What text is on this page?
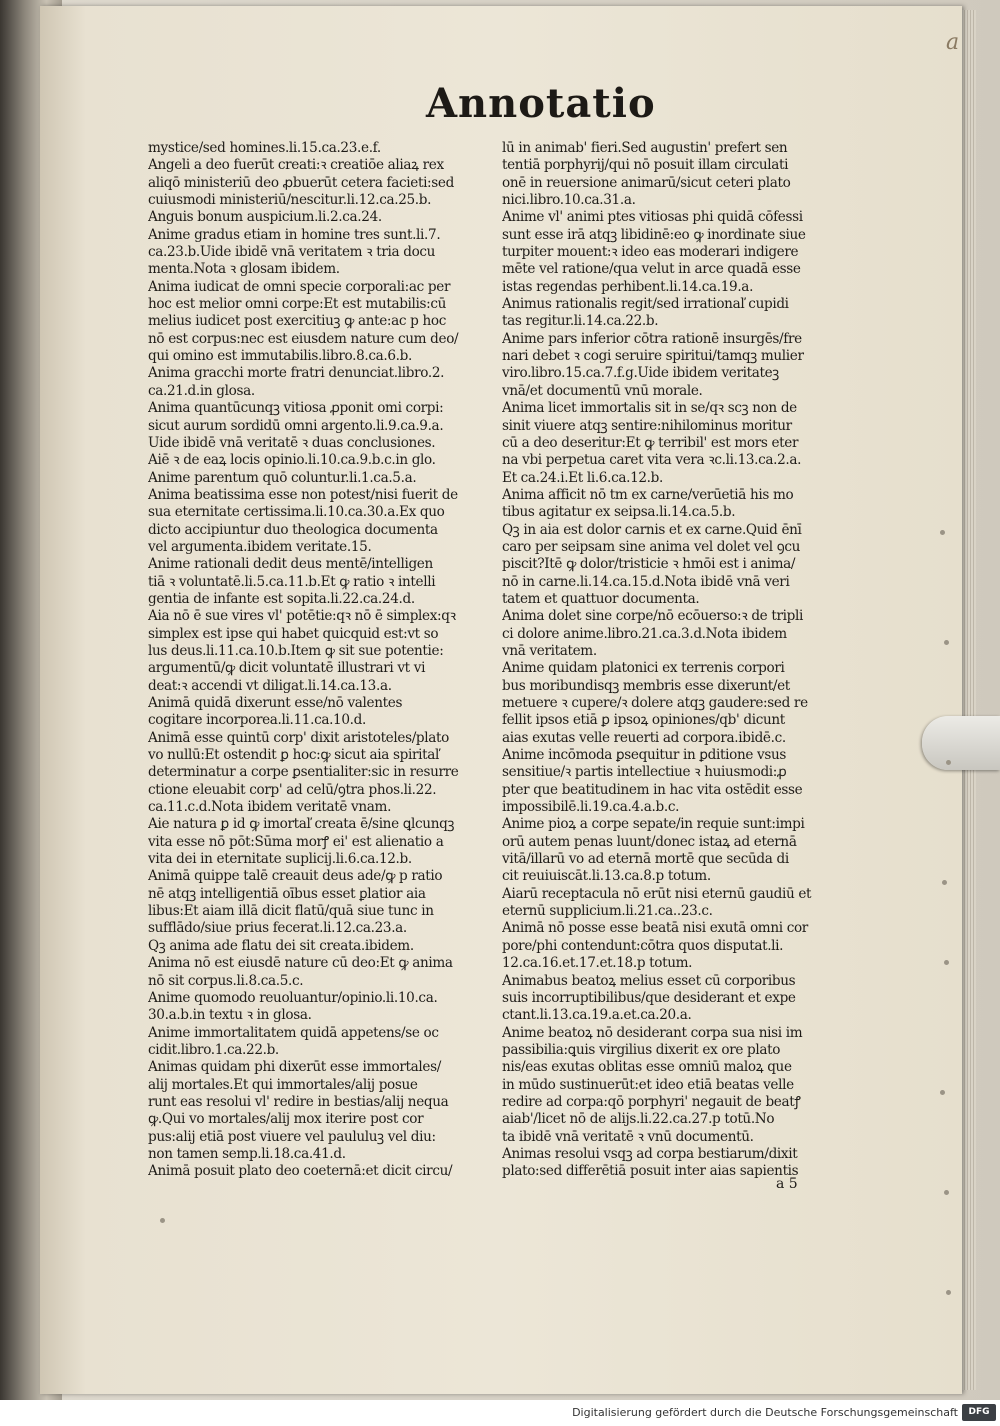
Annotatio
a
mystice/sed homines.li.15.ca.23.e.f.
Angeli a deo fuerūt creati:ꝛ creatiōe aliaꝝ rex
aliqō ministeriū deo ꝓbuerūt cetera facieti:sed
cuiusmodi ministeriū/nescitur.li.12.ca.25.b.
Anguis bonum auspicium.li.2.ca.24.
Anime gradus etiam in homine tres sunt.li.7.
ca.23.b.Uide ibidē vnā veritatem ꝛ tria docu
menta.Nota ꝛ glosam ibidem.
Anima iudicat de omni specie corporali:ac per
hoc est melior omni corpe:Et est mutabilis:cū
melius iudicet post exercitiuꝫ ꝙ ante:ac p hoc
nō est corpus:nec est eiusdem nature cum deo/
qui omino est immutabilis.libro.8.ca.6.b.
Anima gracchi morte fratri denunciat.libro.2.
ca.21.d.in glosa.
Anima quantūcunqꝫ vitiosa ꝓponit omi corpi:
sicut aurum sordidū omni argento.li.9.ca.9.a.
Uide ibidē vnā veritatē ꝛ duas conclusiones.
Aiē ꝛ de eaꝝ locis opinio.li.10.ca.9.b.c.in glo.
Anime parentum quō coluntur.li.1.ca.5.a.
Anima beatissima esse non potest/nisi fuerit de
sua eternitate certissima.li.10.ca.30.a.Ex quo
dicto accipiuntur duo theologica documenta
vel argumenta.ibidem veritate.15.
Anime rationali dedit deus mentē/intelligen
tiā ꝛ voluntatē.li.5.ca.11.b.Et ꝙ ratio ꝛ intelli
gentia de infante est sopita.li.22.ca.24.d.
Aia nō ē sue vires vl' potētie:qꝛ nō ē simplex:qꝛ
simplex est ipse qui habet quicquid est:vt so
lus deus.li.11.ca.10.b.Item ꝙ sit sue potentie:
argumentū/ꝙ dicit voluntatē illustrari vt vi
deat:ꝛ accendi vt diligat.li.14.ca.13.a.
Animā quidā dixerunt esse/nō valentes
cogitare incorporea.li.11.ca.10.d.
Animā esse quintū corp' dixit aristoteles/plato
vo nullū:Et ostendit ꝑ hoc:ꝙ sicut aia spiritaľ
determinatur a corpe ꝑsentialiter:sic in resurre
ctione eleuabit corp' ad celū/ꝯtra phos.li.22.
ca.11.c.d.Nota ibidem veritatē vnam.
Aie natura ꝑ id ꝙ imortaľ creata ē/sine ꝗlcunqꝫ
vita esse nō pōt:Sūma morꝭ ei' est alienatio a
vita dei in eternitate suplicij.li.6.ca.12.b.
Animā quippe talē creauit deus ade/ꝙ p ratio
nē atqꝫ intelligentiā oībus esset ꝑlatior aia
libus:Et aiam illā dicit flatū/quā siue tunc in
sufflādo/siue prius fecerat.li.12.ca.23.a.
Qꝫ anima ade flatu dei sit creata.ibidem.
Anima nō est eiusdē nature cū deo:Et ꝙ anima
nō sit corpus.li.8.ca.5.c.
Anime quomodo reuoluantur/opinio.li.10.ca.
30.a.b.in textu ꝛ in glosa.
Anime immortalitatem quidā appetens/se oc
cidit.libro.1.ca.22.b.
Animas quidam phi dixerūt esse immortales/
alij mortales.Et qui immortales/alij posue
runt eas resolui vl' redire in bestias/alij nequa
ꝙ.Qui vo mortales/alij mox iterire post cor
pus:alij etiā post viuere vel paululuꝫ vel diu:
non tamen semp.li.18.ca.41.d.
Animā posuit plato deo coeternā:et dicit circu/
lū in animab' fieri.Sed augustin' prefert sen
tentiā porphyrij/qui nō posuit illam circulati
onē in reuersione animarū/sicut ceteri plato
nici.libro.10.ca.31.a.
Anime vl' animi ptes vitiosas phi quidā cōfessi
sunt esse irā atqꝫ libidinē:eo ꝙ inordinate siue
turpiter mouent:ꝛ ideo eas moderari indigere
mēte vel ratione/qua velut in arce quadā esse
istas regendas perhibent.li.14.ca.19.a.
Animus rationalis regit/sed irrationaľ cupidi
tas regitur.li.14.ca.22.b.
Anime pars inferior cōtra rationē insurgēs/fre
nari debet ꝛ cogi seruire spiritui/tamqꝫ mulier
viro.libro.15.ca.7.f.g.Uide ibidem veritateꝫ
vnā/et documentū vnū morale.
Anima licet immortalis sit in se/qꝛ scꝫ non de
sinit viuere atqꝫ sentire:nihilominus moritur
cū a deo deseritur:Et ꝙ terribil' est mors eter
na vbi perpetua caret vita vera ꝛc.li.13.ca.2.a.
Et ca.24.i.Et li.6.ca.12.b.
Anima afficit nō tm ex carne/verūetiā his mo
tibus agitatur ex seipsa.li.14.ca.5.b.
Qꝫ in aia est dolor carnis et ex carne.Quid ēnī
caro per seipsam sine anima vel dolet vel ꝯcu
piscit?Itē ꝙ dolor/tristicie ꝛ hmōi est i anima/
nō in carne.li.14.ca.15.d.Nota ibidē vnā veri
tatem et quattuor documenta.
Anima dolet sine corpe/nō ecōuerso:ꝛ de tripli
ci dolore anime.libro.21.ca.3.d.Nota ibidem
vnā veritatem.
Anime quidam platonici ex terrenis corpori
bus moribundisqꝫ membris esse dixerunt/et
metuere ꝛ cupere/ꝛ dolere atqꝫ gaudere:sed re
fellit ipsos etiā ꝑ ipsoꝝ opiniones/qb' dicunt
aias exutas velle reuerti ad corpora.ibidē.c.
Anime incōmoda ꝑsequitur in ꝑditione vsus
sensitiue/ꝛ partis intellectiue ꝛ huiusmodi:ꝓ
pter que beatitudinem in hac vita ostēdit esse
impossibilē.li.19.ca.4.a.b.c.
Anime pioꝝ a corpe sepate/in requie sunt:impi
orū autem penas luunt/donec istaꝝ ad eternā
vitā/illarū vo ad eternā mortē que secūda di
cit reuiuiscāt.li.13.ca.8.p totum.
Aiarū receptacula nō erūt nisi eternū gaudiū et
eternū supplicium.li.21.ca..23.c.
Animā nō posse esse beatā nisi exutā omni cor
pore/phi contendunt:cōtra quos disputat.li.
12.ca.16.et.17.et.18.p totum.
Animabus beatoꝝ melius esset cū corporibus
suis incorruptibilibus/que desiderant et expe
ctant.li.13.ca.19.a.et.ca.20.a.
Anime beatoꝝ nō desiderant corpa sua nisi im
passibilia:ꝗuis virgilius dixerit ex ore plato
nis/eas exutas oblitas esse omniū maloꝝ que
in mūdo sustinuerūt:et ideo etiā beatas velle
redire ad corpa:qō porphyri' negauit de beatꝭ
aiab'/licet nō de alijs.li.22.ca.27.p totū.No
ta ibidē vnā veritatē ꝛ vnū documentū.
Animas resolui vsqꝫ ad corpa bestiarum/dixit
plato:sed differētiā posuit inter aias sapientis
a 5
Digitalisierung gefördert durch die Deutsche Forschungsgemeinschaft	DFG
